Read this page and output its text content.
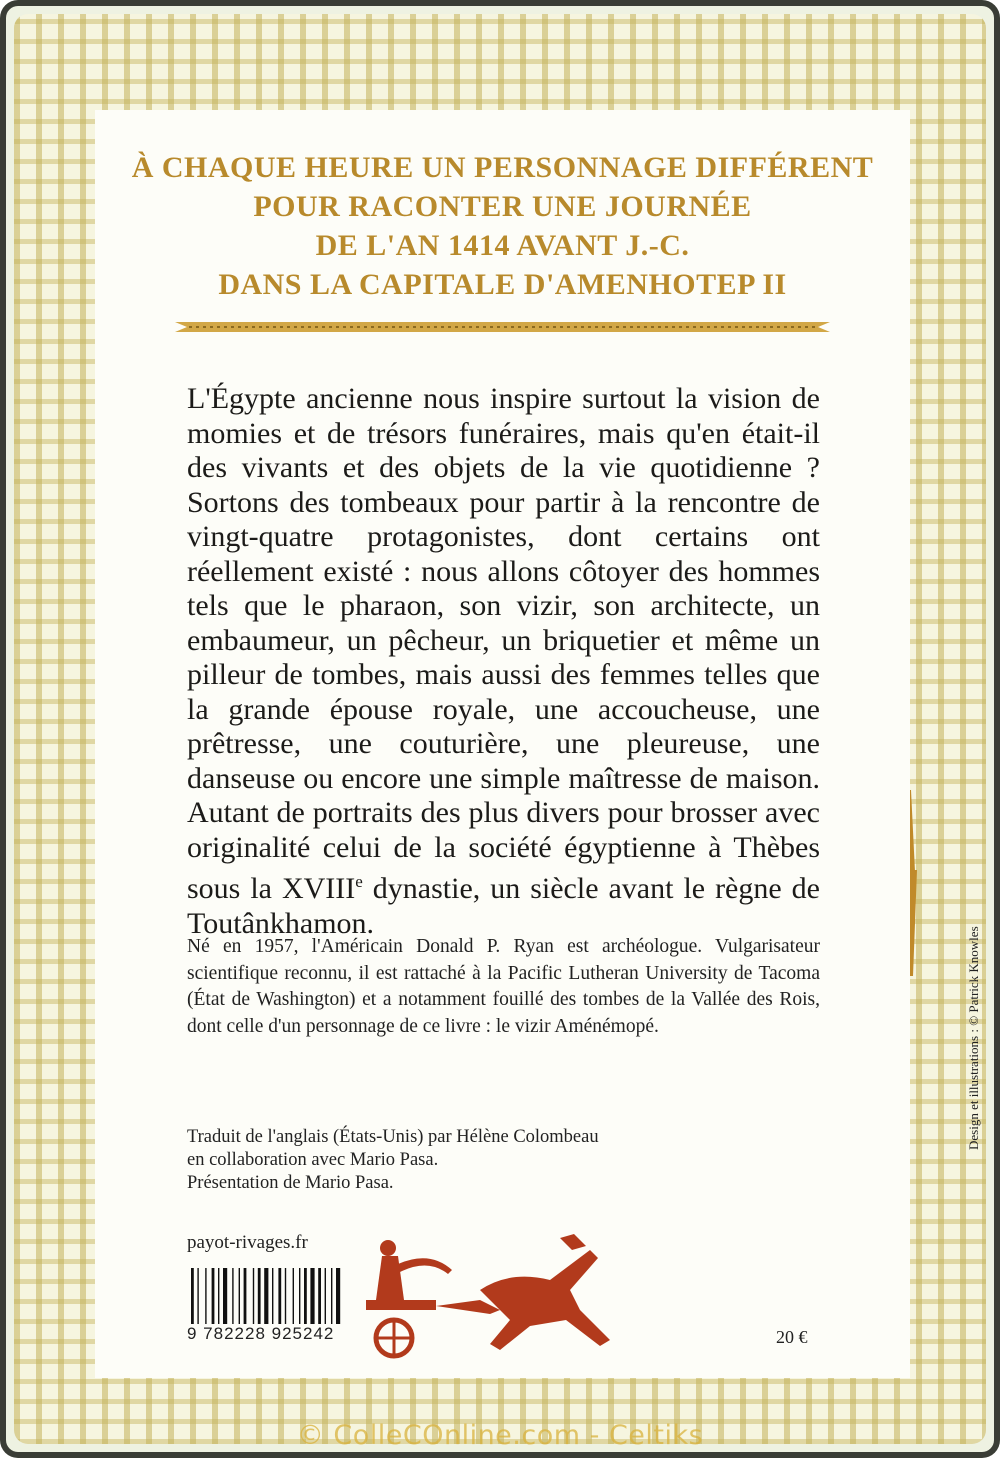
À CHAQUE HEURE UN PERSONNAGE DIFFÉRENT
POUR RACONTER UNE JOURNÉE
DE L'AN 1414 AVANT J.-C.
DANS LA CAPITALE D'AMENHOTEP II

L'Égypte ancienne nous inspire surtout la vision de momies et de trésors funéraires, mais qu'en était-il des vivants et des objets de la vie quotidienne ? Sortons des tombeaux pour partir à la rencontre de vingt-quatre protagonistes, dont certains ont réellement existé : nous allons côtoyer des hommes tels que le pharaon, son vizir, son architecte, un embaumeur, un pêcheur, un briquetier et même un pilleur de tombes, mais aussi des femmes telles que la grande épouse royale, une accoucheuse, une prêtresse, une couturière, une pleureuse, une danseuse ou encore une simple maîtresse de maison. Autant de portraits des plus divers pour brosser avec originalité celui de la société égyptienne à Thèbes sous la XVIIIe dynastie, un siècle avant le règne de Toutânkhamon.

Né en 1957, l'Américain Donald P. Ryan est archéologue. Vulgarisateur scientifique reconnu, il est rattaché à la Pacific Lutheran University de Tacoma (État de Washington) et a notamment fouillé des tombes de la Vallée des Rois, dont celle d'un personnage de ce livre : le vizir Aménémopé.

Traduit de l'anglais (États-Unis) par Hélène Colombeau
en collaboration avec Mario Pasa.
Présentation de Mario Pasa.
payot-rivages.fr
9 782228 925242	20 €
Design et illustrations : © Patrick Knowles
© ColleCOnline.com - Celtiks
